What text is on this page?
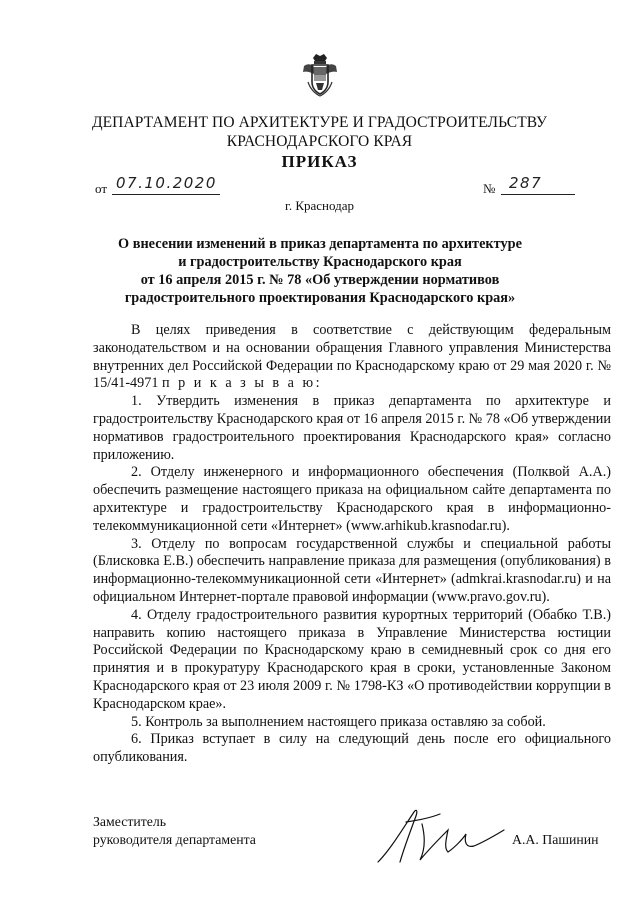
ДЕПАРТАМЕНТ ПО АРХИТЕКТУРЕ И ГРАДОСТРОИТЕЛЬСТВУ
КРАСНОДАРСКОГО КРАЯ
ПРИКАЗ
от 07.10.2020	№ 287
г. Краснодар
О внесении изменений в приказ департамента по архитектуре
и градостроительству Краснодарского края
от 16 апреля 2015 г. № 78 «Об утверждении нормативов
градостроительного проектирования Краснодарского края»

В целях приведения в соответствие с действующим федеральным законодательством и на основании обращения Главного управления Министерства внутренних дел Российской Федерации по Краснодарскому краю от 29 мая 2020 г. № 15/41-4971 п р и к а з ы в а ю:

1. Утвердить изменения в приказ департамента по архитектуре и градостроительству Краснодарского края от 16 апреля 2015 г. № 78 «Об утверждении нормативов градостроительного проектирования Краснодарского края» согласно приложению.

2. Отделу инженерного и информационного обеспечения (Полквой А.А.) обеспечить размещение настоящего приказа на официальном сайте департамента по архитектуре и градостроительству Краснодарского края в информационно-телекоммуникационной сети «Интернет» (www.arhikub.krasnodar.ru).

3. Отделу по вопросам государственной службы и специальной работы (Блисковка Е.В.) обеспечить направление приказа для размещения (опубликования) в информационно-телекоммуникационной сети «Интернет» (admkrai.krasnodar.ru) и на официальном Интернет-портале правовой информации (www.pravo.gov.ru).

4. Отделу градостроительного развития курортных территорий (Обабко Т.В.) направить копию настоящего приказа в Управление Министерства юстиции Российской Федерации по Краснодарскому краю в семидневный срок со дня его принятия и в прокуратуру Краснодарского края в сроки, установленные Законом Краснодарского края от 23 июля 2009 г. № 1798-КЗ «О противодействии коррупции в Краснодарском крае».

5. Контроль за выполнением настоящего приказа оставляю за собой.

6. Приказ вступает в силу на следующий день после его официального опубликования.

Заместитель
руководителя департамента	А.А. Пашинин
